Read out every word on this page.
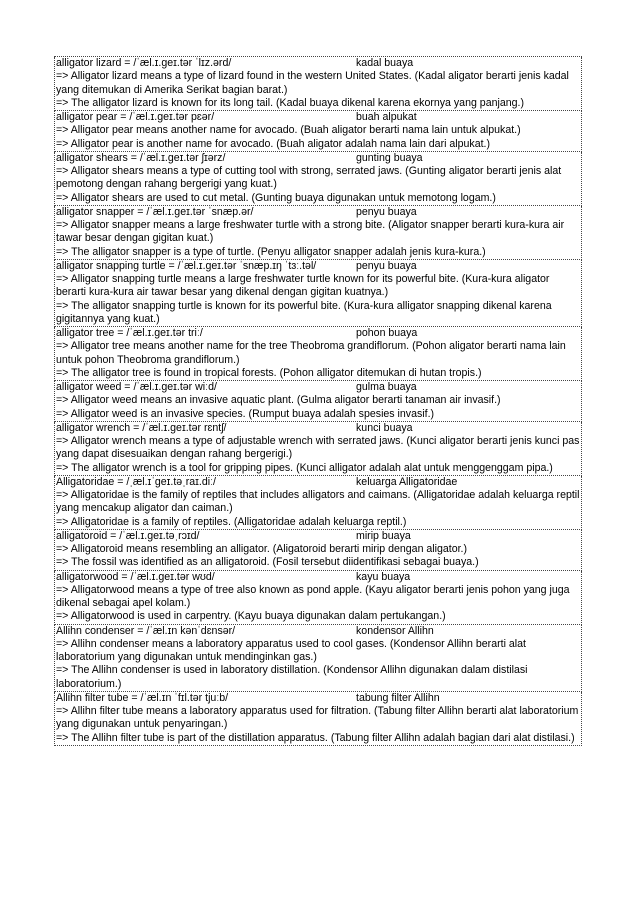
alligator lizard = /ˈæl.ɪ.ɡeɪ.tər ˈlɪz.ərd/	kadal buaya
=> Alligator lizard means a type of lizard found in the western United States. (Kadal aligator berarti jenis kadal yang ditemukan di Amerika Serikat bagian barat.)
=> The alligator lizard is known for its long tail. (Kadal buaya dikenal karena ekornya yang panjang.)
alligator pear = /ˈæl.ɪ.ɡeɪ.tər pɛər/	buah alpukat
=> Alligator pear means another name for avocado. (Buah aligator berarti nama lain untuk alpukat.)
=> Alligator pear is another name for avocado. (Buah aligator adalah nama lain dari alpukat.)
alligator shears = /ˈæl.ɪ.ɡeɪ.tər ʃɪərz/	gunting buaya
=> Alligator shears means a type of cutting tool with strong, serrated jaws. (Gunting aligator berarti jenis alat pemotong dengan rahang bergerigi yang kuat.)
=> Alligator shears are used to cut metal. (Gunting buaya digunakan untuk memotong logam.)
alligator snapper = /ˈæl.ɪ.ɡeɪ.tər ˈsnæp.ər/	penyu buaya
=> Alligator snapper means a large freshwater turtle with a strong bite. (Aligator snapper berarti kura-kura air tawar besar dengan gigitan kuat.)
=> The alligator snapper is a type of turtle. (Penyu alligator snapper adalah jenis kura-kura.)
alligator snapping turtle = /ˈæl.ɪ.ɡeɪ.tər ˈsnæp.ɪŋ ˈtɜː.təl/	penyu buaya
=> Alligator snapping turtle means a large freshwater turtle known for its powerful bite. (Kura-kura aligator berarti kura-kura air tawar besar yang dikenal dengan gigitan kuatnya.)
=> The alligator snapping turtle is known for its powerful bite. (Kura-kura alligator snapping dikenal karena gigitannya yang kuat.)
alligator tree = /ˈæl.ɪ.ɡeɪ.tər triː/	pohon buaya
=> Alligator tree means another name for the tree Theobroma grandiflorum. (Pohon aligator berarti nama lain untuk pohon Theobroma grandiflorum.)
=> The alligator tree is found in tropical forests. (Pohon alligator ditemukan di hutan tropis.)
alligator weed = /ˈæl.ɪ.ɡeɪ.tər wiːd/	gulma buaya
=> Alligator weed means an invasive aquatic plant. (Gulma aligator berarti tanaman air invasif.)
=> Alligator weed is an invasive species. (Rumput buaya adalah spesies invasif.)
alligator wrench = /ˈæl.ɪ.ɡeɪ.tər rɛntʃ/	kunci buaya
=> Alligator wrench means a type of adjustable wrench with serrated jaws. (Kunci aligator berarti jenis kunci pas yang dapat disesuaikan dengan rahang bergerigi.)
=> The alligator wrench is a tool for gripping pipes. (Kunci alligator adalah alat untuk menggenggam pipa.)
Alligatoridae = /ˌæl.ɪˈɡeɪ.təˌraɪ.diː/	keluarga Alligatoridae
=> Alligatoridae is the family of reptiles that includes alligators and caimans. (Alligatoridae adalah keluarga reptil yang mencakup aligator dan caiman.)
=> Alligatoridae is a family of reptiles. (Alligatoridae adalah keluarga reptil.)
alligatoroid = /ˈæl.ɪ.ɡeɪ.təˌrɔɪd/	mirip buaya
=> Alligatoroid means resembling an alligator. (Aligatoroid berarti mirip dengan aligator.)
=> The fossil was identified as an alligatoroid. (Fosil tersebut diidentifikasi sebagai buaya.)
alligatorwood = /ˈæl.ɪ.ɡeɪ.tər wʊd/	kayu buaya
=> Alligatorwood means a type of tree also known as pond apple. (Kayu aligator berarti jenis pohon yang juga dikenal sebagai apel kolam.)
=> Alligatorwood is used in carpentry. (Kayu buaya digunakan dalam pertukangan.)
Allihn condenser = /ˈæl.ɪn kənˈdɛnsər/	kondensor Allihn
=> Allihn condenser means a laboratory apparatus used to cool gases. (Kondensor Allihn berarti alat laboratorium yang digunakan untuk mendinginkan gas.)
=> The Allihn condenser is used in laboratory distillation. (Kondensor Allihn digunakan dalam distilasi laboratorium.)
Allihn filter tube = /ˈæl.ɪn ˈfɪl.tər tjuːb/	tabung filter Allihn
=> Allihn filter tube means a laboratory apparatus used for filtration. (Tabung filter Allihn berarti alat laboratorium yang digunakan untuk penyaringan.)
=> The Allihn filter tube is part of the distillation apparatus. (Tabung filter Allihn adalah bagian dari alat distilasi.)
